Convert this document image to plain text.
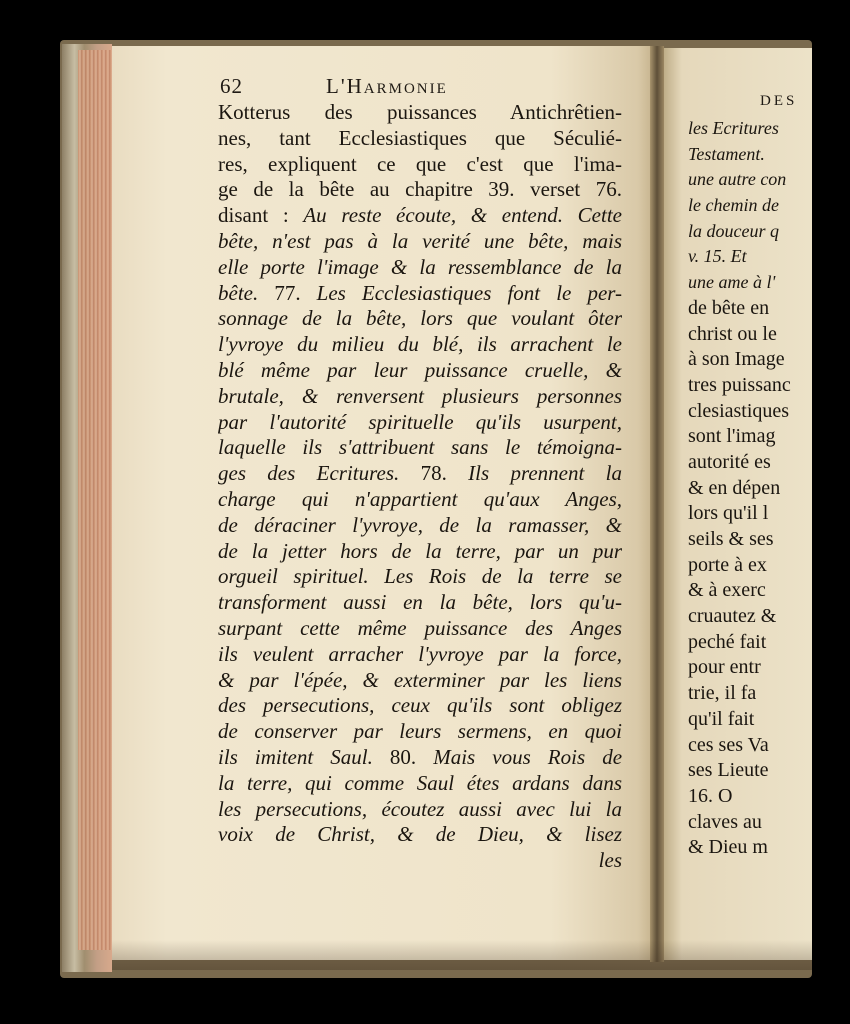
62	L'Harmonie
Kotterus des puissances Antichrêtien-
nes, tant Ecclesiastiques que Séculié-
res, expliquent ce que c'est que l'ima-
ge de la bête au chapitre 39. verset 76.
disant : Au reste écoute, & entend. Cette
bête, n'est pas à la verité une bête, mais
elle porte l'image & la ressemblance de la
bête. 77. Les Ecclesiastiques font le per-
sonnage de la bête, lors que voulant ôter
l'yvroye du milieu du blé, ils arrachent le
blé même par leur puissance cruelle, &
brutale, & renversent plusieurs personnes
par l'autorité spirituelle qu'ils usurpent,
laquelle ils s'attribuent sans le témoigna-
ges des Ecritures. 78. Ils prennent la
charge qui n'appartient qu'aux Anges,
de déraciner l'yvroye, de la ramasser, &
de la jetter hors de la terre, par un pur
orgueil spirituel. Les Rois de la terre se
transforment aussi en la bête, lors qu'u-
surpant cette même puissance des Anges
ils veulent arracher l'yvroye par la force,
& par l'épée, & exterminer par les liens
des persecutions, ceux qu'ils sont obligez
de conserver par leurs sermens, en quoi
ils imitent Saul. 80. Mais vous Rois de
la terre, qui comme Saul étes ardans dans
les persecutions, écoutez aussi avec lui la
voix de Christ, & de Dieu, & lisez
les
DES
les Ecritures
Testament.
une autre con
le chemin de
la douceur q
v. 15. Et
une ame à l'
de bête en
christ ou le
à son Image
tres puissanc
clesiastiques
sont l'imag
autorité es
& en dépen
lors qu'il l
seils & ses
porte à ex
& à exerc
cruautez &
peché fait
pour entr
trie, il fa
qu'il fait
ces ses Va
ses Lieute
16. O
claves au
& Dieu m
